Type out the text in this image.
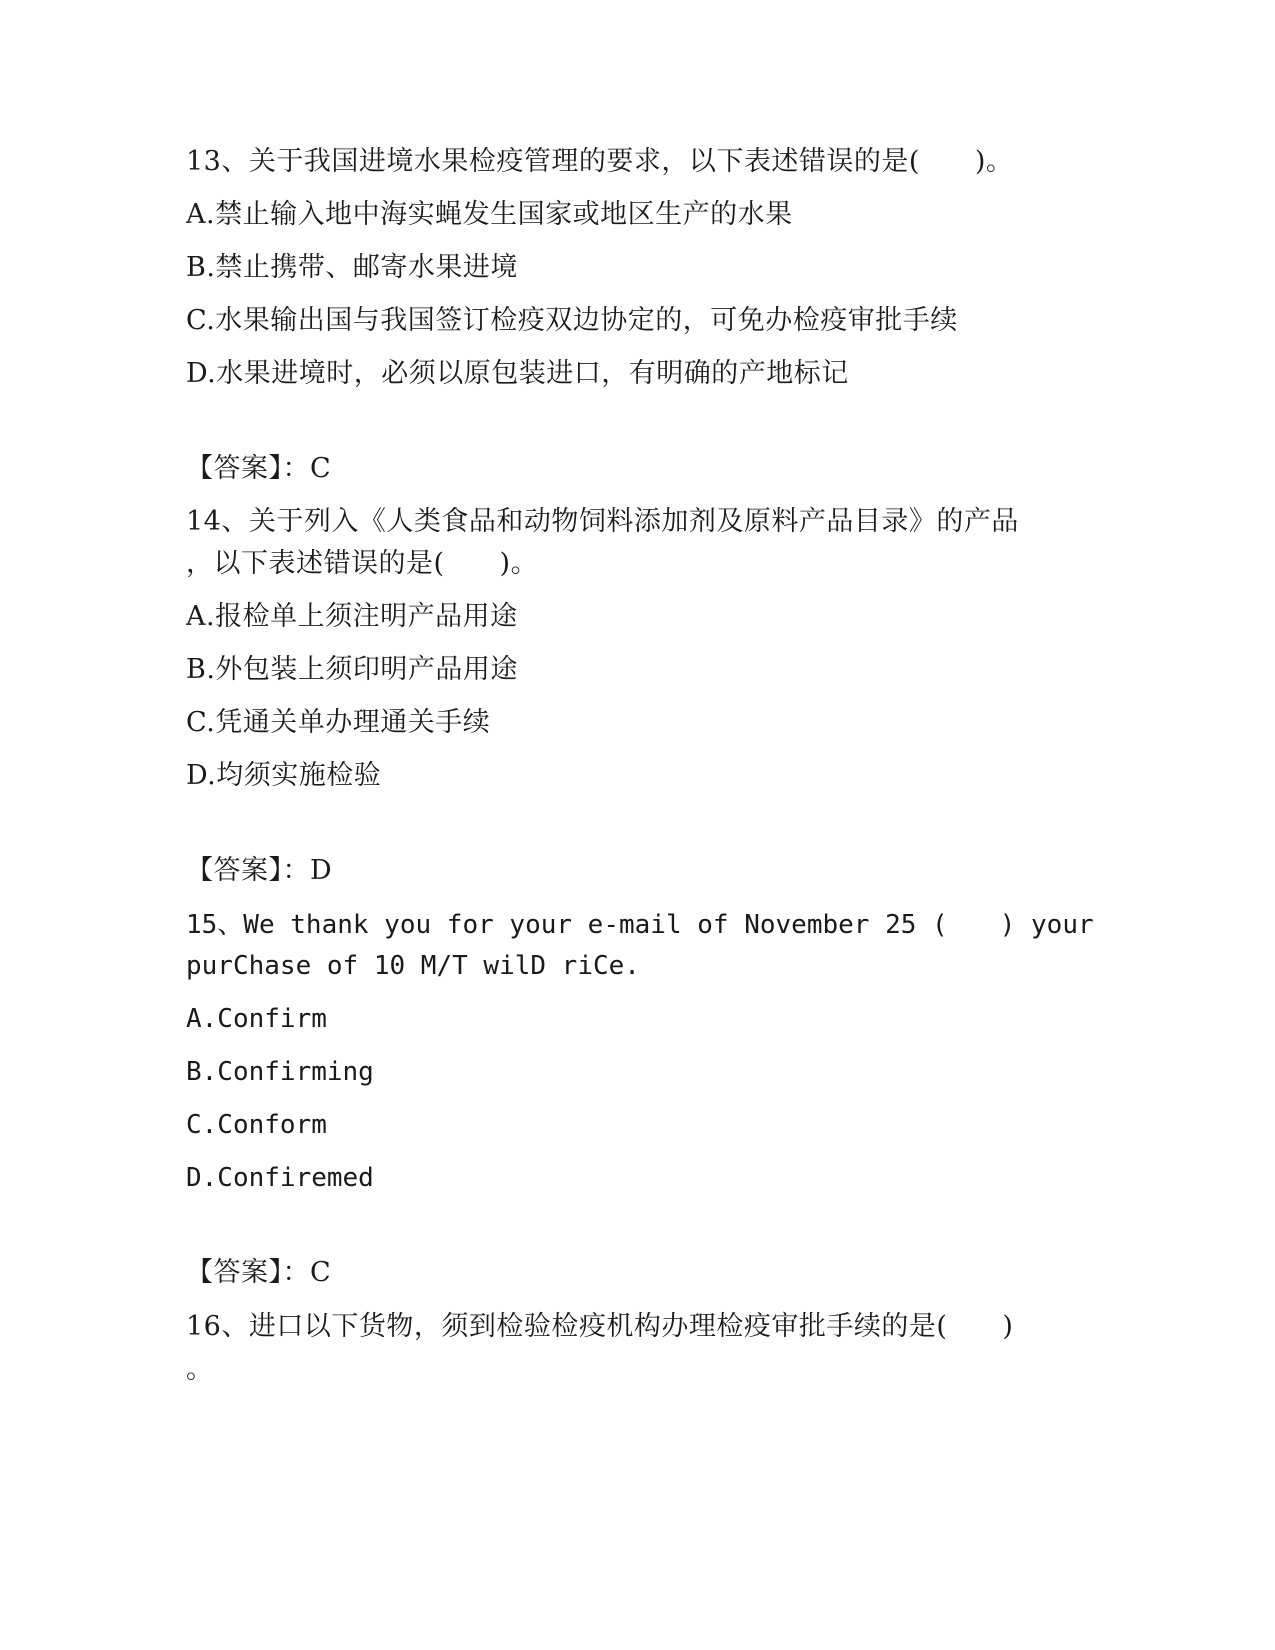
13、关于我国进境水果检疫管理的要求，以下表述错误的是(　　)。
A.禁止输入地中海实蝇发生国家或地区生产的水果
B.禁止携带、邮寄水果进境
C.水果输出国与我国签订检疫双边协定的，可免办检疫审批手续
D.水果进境时，必须以原包装进口，有明确的产地标记
【答案】：C
14、关于列入《人类食品和动物饲料添加剂及原料产品目录》的产品
，以下表述错误的是(　　)。
A.报检单上须注明产品用途
B.外包装上须印明产品用途
C.凭通关单办理通关手续
D.均须实施检验
【答案】：D
15、We thank you for your e-mail of November 25 (　　) your
purChase of 10 M/T wilD riCe.
A.Confirm
B.Confirming
C.Conform
D.Confiremed
【答案】：C
16、进口以下货物，须到检验检疫机构办理检疫审批手续的是(　　)
。
